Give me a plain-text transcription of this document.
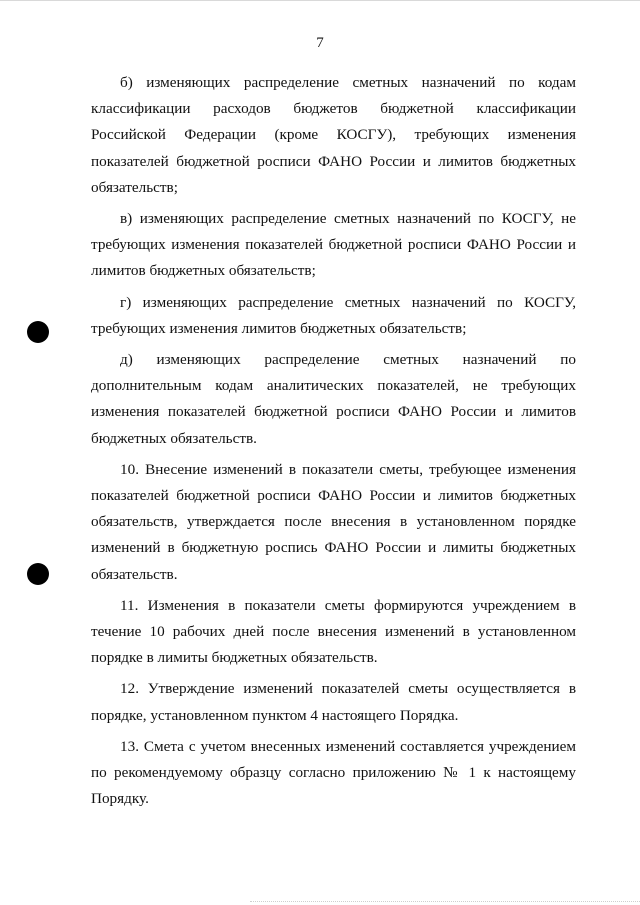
7

б) изменяющих распределение сметных назначений по кодам классификации расходов бюджетов бюджетной классификации Российской Федерации (кроме КОСГУ), требующих изменения показателей бюджетной росписи ФАНО России и лимитов бюджетных обязательств;

в) изменяющих распределение сметных назначений по КОСГУ, не требующих изменения показателей бюджетной росписи ФАНО России и лимитов бюджетных обязательств;

г) изменяющих распределение сметных назначений по КОСГУ, требующих изменения лимитов бюджетных обязательств;

д) изменяющих распределение сметных назначений по дополнительным кодам аналитических показателей, не требующих изменения показателей бюджетной росписи ФАНО России и лимитов бюджетных обязательств.

10. Внесение изменений в показатели сметы, требующее изменения показателей бюджетной росписи ФАНО России и лимитов бюджетных обязательств, утверждается после внесения в установленном порядке изменений в бюджетную роспись ФАНО России и лимиты бюджетных обязательств.

11. Изменения в показатели сметы формируются учреждением в течение 10 рабочих дней после внесения изменений в установленном порядке в лимиты бюджетных обязательств.

12. Утверждение изменений показателей сметы осуществляется в порядке, установленном пунктом 4 настоящего Порядка.

13. Смета с учетом внесенных изменений составляется учреждением по рекомендуемому образцу согласно приложению № 1 к настоящему Порядку.
